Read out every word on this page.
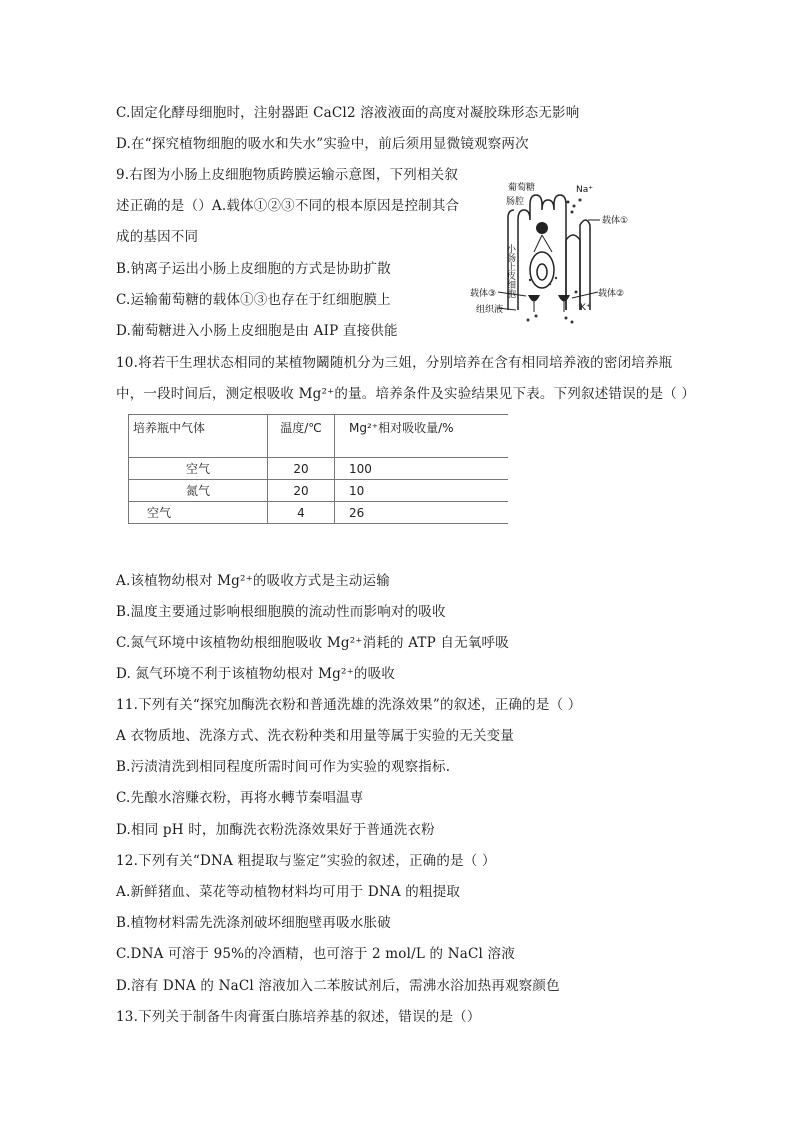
C.固定化酵母细胞时，注射器距 CaCl2 溶液液面的高度对凝胶珠形态无影响
D.在“探究植物细胞的吸水和失水”实验中，前后须用显微镜观察两次
9.右图为小肠上皮细胞物质跨膜运输示意图，下列相关叙
述正确的是（）A.载体①②③不同的根本原因是控制其合
成的基因不同
B.钠离子运出小肠上皮细胞的方式是协助扩散
C.运输葡萄糖的载体①③也存在于红细胞膜上
D.葡萄糖进入小肠上皮细胞是由 AIP 直接供能
葡萄糖	Na⁺
肠腔
载体①
小肠上皮细胞
载体③	载体②
组织液	K⁺
10.将若干生理状态相同的某植物鬫随机分为三姐，分别培养在含有相同培养液的密闭培养瓶
中，一段时间后，测定根吸收 Mg²⁺的量。培养条件及实验结果见下表。下列叙述错误的是（ ）
培养瓶中气体	温度/℃	Mg²⁺相对吸收量/%
空气	20	100
氮气	20	10
空气	4	26
A.该植物幼根对 Mg²⁺的吸收方式是主动运输
B.温度主要通过影响根细胞膜的流动性而影响对的吸收
C.氮气环境中该植物幼根细胞吸收 Mg²⁺消耗的 ATP 自无氧呼吸
D. 氮气环境不利于该植物幼根对 Mg²⁺的吸收
11.下列有关“探究加酶洗衣粉和普通洗雄的洗涤效果”的叙述，正确的是（ ）
A 衣物质地、洗涤方式、洗衣粉种类和用量等属于实验的无关变量
B.污渍清洗到相同程度所需时间可作为实验的观察指标.
C.先酿水溶赚衣粉，再将水轉节秦唱温専
D.相同 pH 时，加酶洗衣粉洗涤效果好于普通洗衣粉
12.下列有关“DNA 粗提取与鉴定”实验的叙述，正确的是（ ）
A.新鲜猪血、菜花等动植物材料均可用于 DNA 的粗提取
B.植物材料需先洗涤剂破坏细胞壁再吸水胀破
C.DNA 可溶于 95%的冷酒精，也可溶于 2 mol/L 的 NaCl 溶液
D.溶有 DNA 的 NaCl 溶液加入二苯胺试剂后，需沸水浴加热再观察颜色
13.下列关于制备牛肉膏蛋白胨培养基的叙述，错误的是（）
